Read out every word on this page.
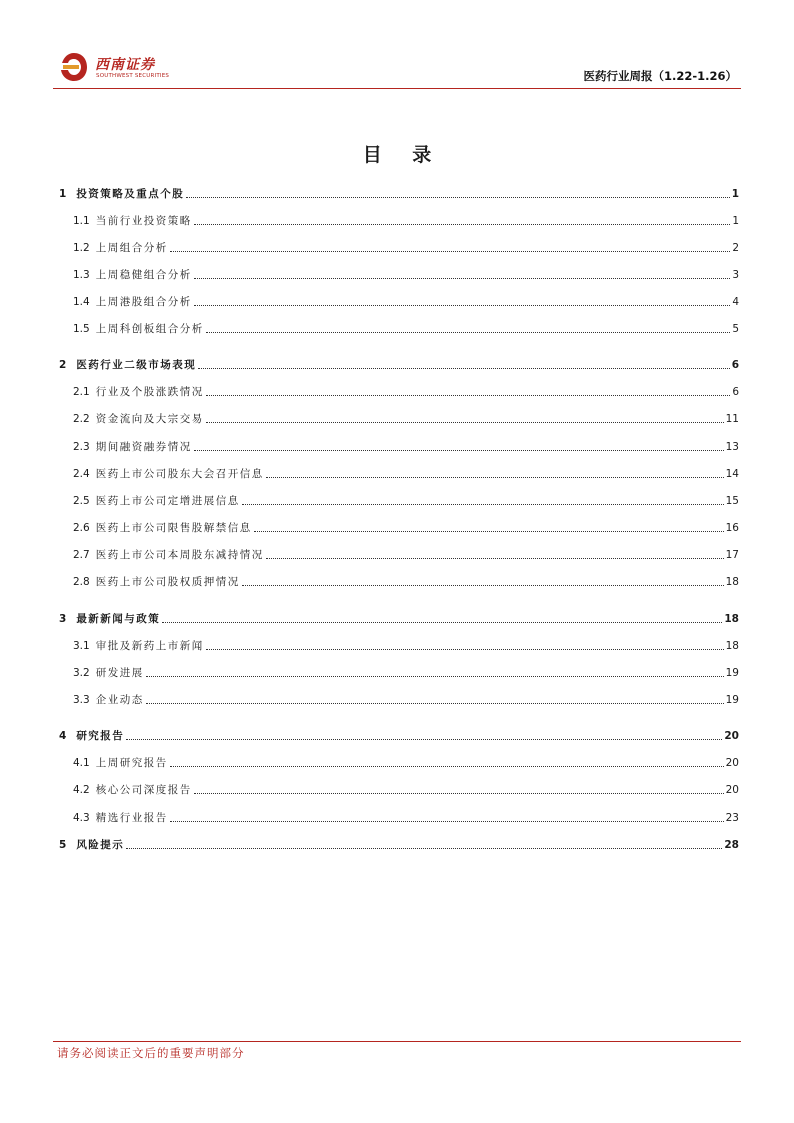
西南证券
SOUTHWEST SECURITIES	医药行业周报（1.22-1.26）
目 录
1 投资策略及重点个股	1
1.1 当前行业投资策略	1
1.2 上周组合分析	2
1.3 上周稳健组合分析	3
1.4 上周港股组合分析	4
1.5 上周科创板组合分析	5
2 医药行业二级市场表现	6
2.1 行业及个股涨跌情况	6
2.2 资金流向及大宗交易	11
2.3 期间融资融券情况	13
2.4 医药上市公司股东大会召开信息	14
2.5 医药上市公司定增进展信息	15
2.6 医药上市公司限售股解禁信息	16
2.7 医药上市公司本周股东减持情况	17
2.8 医药上市公司股权质押情况	18
3 最新新闻与政策	18
3.1 审批及新药上市新闻	18
3.2 研发进展	19
3.3 企业动态	19
4 研究报告	20
4.1 上周研究报告	20
4.2 核心公司深度报告	20
4.3 精选行业报告	23
5 风险提示	28
请务必阅读正文后的重要声明部分
